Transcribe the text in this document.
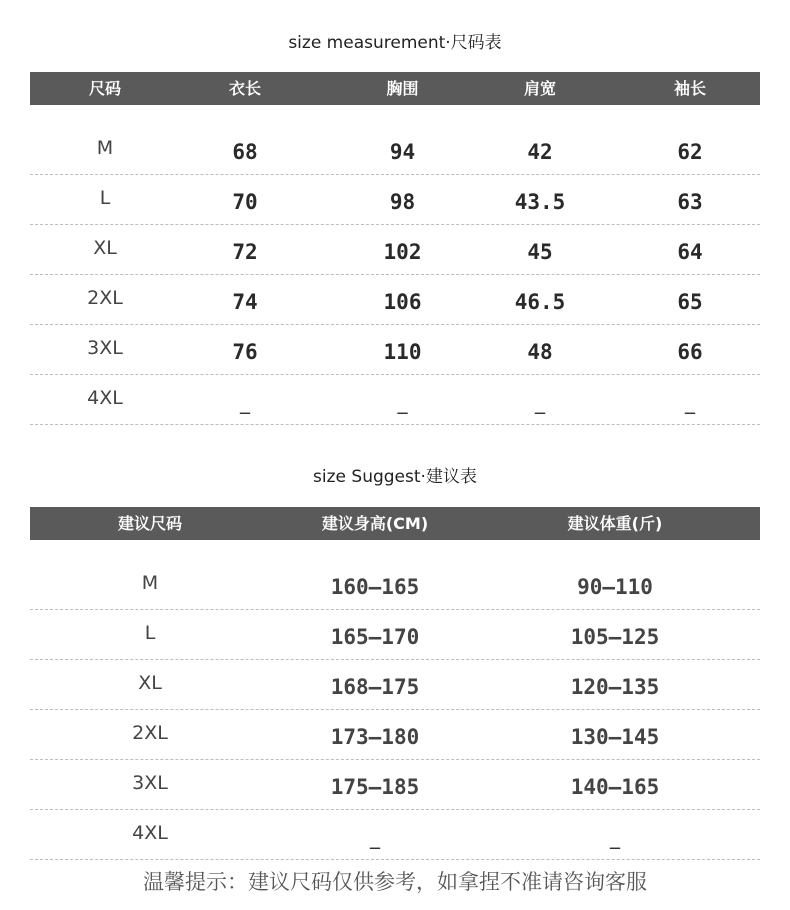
size measurement·尺码表
尺码	衣长	胸围	肩宽	袖长
M	68	94	42	62
L	70	98	43.5	63
XL	72	102	45	64
2XL	74	106	46.5	65
3XL	76	110	48	66
4XL	_	_	_	_
size Suggest·建议表
建议尺码	建议身高(CM)	建议体重(斤)
M	160—165	90—110
L	165—170	105—125
XL	168—175	120—135
2XL	173—180	130—145
3XL	175—185	140—165
4XL	_	_
温馨提示：建议尺码仅供参考，如拿捏不准请咨询客服
